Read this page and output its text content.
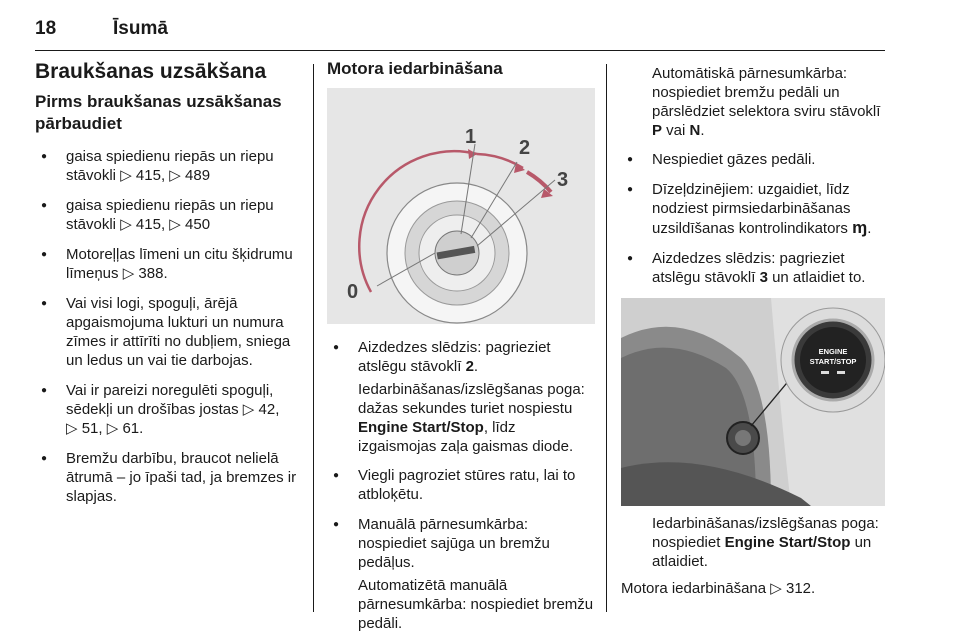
18	Īsumā
Braukšanas uzsākšana
Pirms braukšanas uzsākšanas pārbaudiet
● gaisa spiedienu riepās un riepu stāvokli ▷ 415, ▷ 489
● gaisa spiedienu riepās un riepu stāvokli ▷ 415, ▷ 450
● Motoreļļas līmeni un citu šķidrumu līmeņus ▷ 388.
● Vai visi logi, spoguļi, ārējā apgaismojuma lukturi un numura zīmes ir attīrīti no dubļiem, sniega un ledus un vai tie darbojas.
● Vai ir pareizi noregulēti spoguļi, sēdekļi un drošības jostas ▷ 42, ▷ 51, ▷ 61.
● Bremžu darbību, braucot nelielā ātrumā – jo īpaši tad, ja bremzes ir slapjas.
Motora iedarbināšana
0
1 2
3
● Aizdedzes slēdzis: pagrieziet atslēgu stāvoklī 2.
Iedarbināšanas/izslēgšanas poga: dažas sekundes turiet nospiestu Engine Start/Stop, līdz izgaismojas zaļa gaismas diode.
● Viegli pagroziet stūres ratu, lai to atbloķētu.
● Manuālā pārnesumkārba: nospiediet sajūga un bremžu pedāļus.
Automatizētā manuālā pārnesumkārba: nospiediet bremžu pedāli.
Automātiskā pārnesumkārba: nospiediet bremžu pedāli un pārslēdziet selektora sviru stāvoklī P vai N.
● Nespiediet gāzes pedāli.
● Dīzeļdzinējiem: uzgaidiet, līdz nodziest pirmsiedarbināšanas uzsildīšanas kontrolindikators ɱ.
● Aizdedzes slēdzis: pagrieziet atslēgu stāvoklī 3 un atlaidiet to.
ENGINE
START/STOP
Iedarbināšanas/izslēgšanas poga: nospiediet Engine Start/Stop un atlaidiet.
Motora iedarbināšana ▷ 312.
